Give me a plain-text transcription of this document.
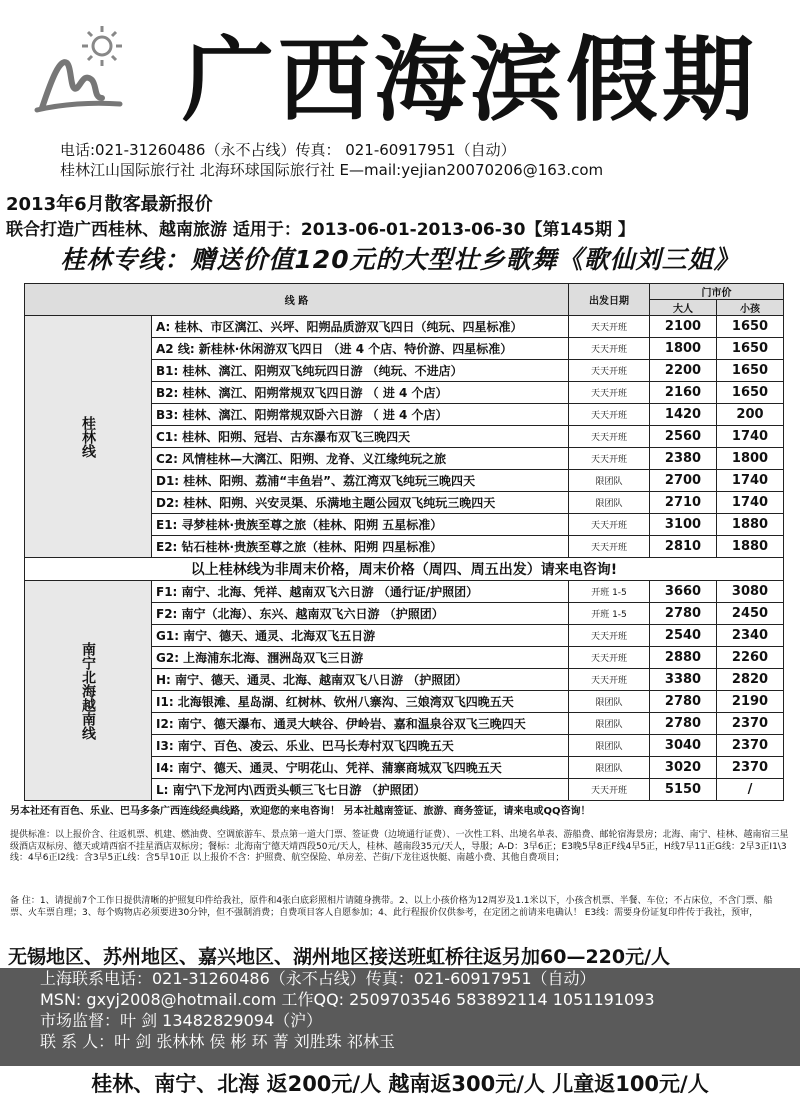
广西海滨假期
电话:021-31260486（永不占线）传真： 021-60917951（自动）
桂林江山国际旅行社 北海环球国际旅行社 E—mail:yejian20070206@163.com
2013年6月散客最新报价
联合打造广西桂林、越南旅游 适用于：2013-06-01-2013-06-30【第145期 】
桂林专线：赠送价值120元的大型壮乡歌舞《歌仙刘三姐》
线 路		出发日期	门市价	
			大人	小孩
桂林线	A: 桂林、市区漓江、兴坪、阳朔品质游双飞四日（纯玩、四星标准）	天天开班	2100	1650
	A2 线: 新桂林·休闲游双飞四日 （进 4 个店、特价游、四星标准）	天天开班	1800	1650
	B1: 桂林、漓江、阳朔双飞纯玩四日游 （纯玩、不进店）	天天开班	2200	1650
	B2: 桂林、漓江、阳朔常规双飞四日游 （ 进 4 个店）	天天开班	2160	1650
	B3: 桂林、漓江、阳朔常规双卧六日游 （ 进 4 个店）	天天开班	1420	200
	C1: 桂林、阳朔、冠岩、古东瀑布双飞三晚四天	天天开班	2560	1740
	C2: 风情桂林—大漓江、阳朔、龙脊、义江缘纯玩之旅	天天开班	2380	1800
	D1: 桂林、阳朔、荔浦“丰鱼岩”、荔江湾双飞纯玩三晚四天	限团队	2700	1740
	D2: 桂林、阳朔、兴安灵渠、乐满地主题公园双飞纯玩三晚四天	限团队	2710	1740
	E1: 寻梦桂林·贵族至尊之旅（桂林、阳朔 五星标准）	天天开班	3100	1880
	E2: 钻石桂林·贵族至尊之旅（桂林、阳朔 四星标准）	天天开班	2810	1880
以上桂林线为非周末价格，周末价格（周四、周五出发）请来电咨询!				
南宁北海越南线	F1: 南宁、北海、凭祥、越南双飞六日游 （通行证/护照团）	开班 1-5	3660	3080
	F2: 南宁（北海）、东兴、越南双飞六日游 （护照团）	开班 1-5	2780	2450
	G1: 南宁、德天、通灵、北海双飞五日游	天天开班	2540	2340
	G2: 上海浦东北海、涠洲岛双飞三日游	天天开班	2880	2260
	H: 南宁、德天、通灵、北海、越南双飞八日游 （护照团）	天天开班	3380	2820
	I1: 北海银滩、星岛湖、红树林、钦州八寨沟、三娘湾双飞四晚五天	限团队	2780	2190
	I2: 南宁、德天瀑布、通灵大峡谷、伊岭岩、嘉和温泉谷双飞三晚四天	限团队	2780	2370
	I3: 南宁、百色、凌云、乐业、巴马长寿村双飞四晚五天	限团队	3040	2370
	I4: 南宁、德天、通灵、宁明花山、凭祥、蒲寨商城双飞四晚五天	限团队	3020	2370
	L: 南宁\下龙河内\西贡头顿三飞七日游 （护照团）	天天开班	5150	/
另本社还有百色、乐业、巴马多条广西连线经典线路，欢迎您的来电咨询！ 另本社越南签证、旅游、商务签证，请来电或QQ咨询！
提供标准：以上报价含、往返机票、机建、燃油费、空调旅游车、景点第一道大门票、签证费（边境通行证费）、一次性工料、出境名单表、游船费、邮轮宿海景房；北海、南宁、桂林、越南宿三星级酒店双标房、德天或靖西宿不挂星酒店双标房；餐标：北海南宁德天靖西段50元/天人，桂林、越南段35元/天人，导服；A-D：3早6正；E3晚5早8正F线4早5正，H线7早11正G线：2早3正I1\3线：4早6正I2线：含3早5正L线：含5早10正 以上报价不含：护照费、航空保险、单房差、芒街/下龙往返快艇、南越小费、其他自费项目；
备 住：1、请提前7个工作日提供清晰的护照复印件给我社，原件和4张白底彩照相片请随身携带。2、以上小孩价格为12周岁及1.1米以下，小孩含机票、半餐、车位；不占床位，不含门票、船票、火车票自理；3、每个购物店必须要进30分钟，但不强制消费；自费项目客人自愿参加；4、此行程报价仅供参考，在定团之前请来电确认！ E3线：需要身份证复印件传于我社，预审，
无锡地区、苏州地区、嘉兴地区、湖州地区接送班虹桥往返另加60—220元/人
上海联系电话：021-31260486（永不占线）传真：021-60917951（自动）
MSN: gxyj2008@hotmail.com 工作QQ: 2509703546 583892114 1051191093
市场监督：叶 剑 13482829094（沪）
联 系 人：叶 剑 张林林 侯 彬 环 菁 刘胜珠 祁林玉
桂林、南宁、北海 返200元/人 越南返300元/人 儿童返100元/人
